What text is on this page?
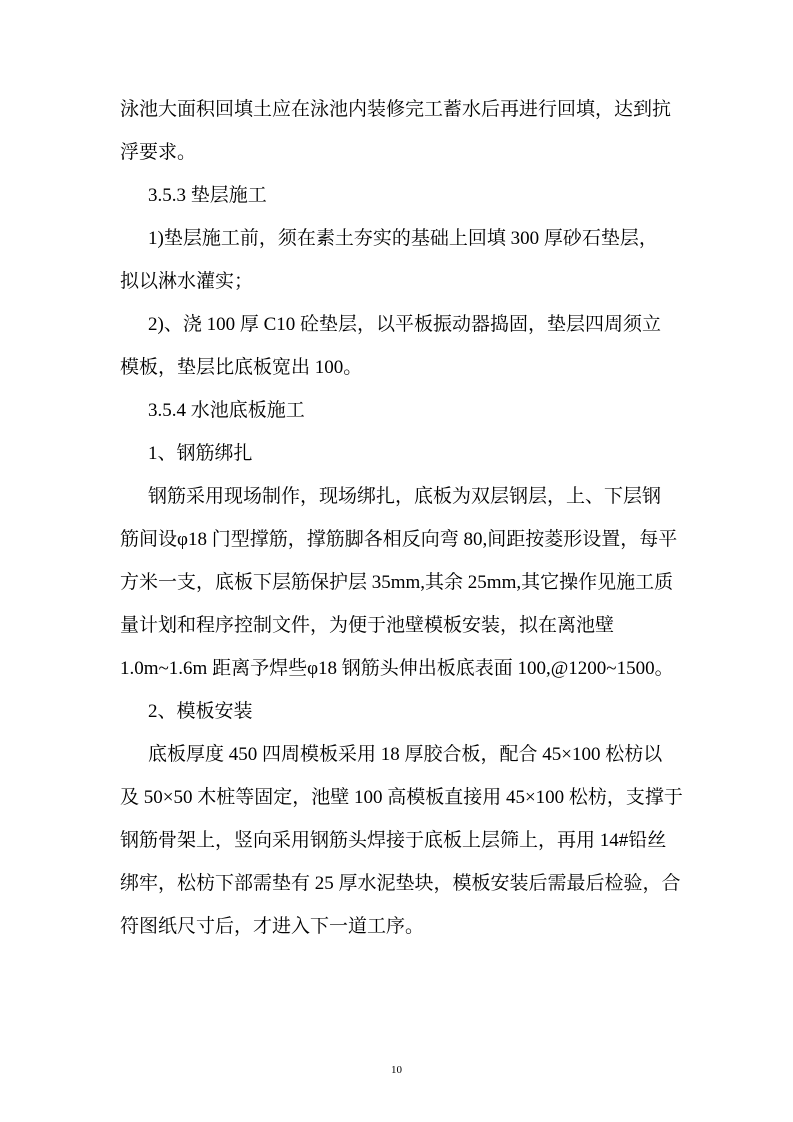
泳池大面积回填土应在泳池内装修完工蓄水后再进行回填，达到抗
浮要求。
3.5.3 垫层施工
1)垫层施工前，须在素土夯实的基础上回填 300 厚砂石垫层，
拟以淋水灌实；
2)、浇 100 厚 C10 砼垫层，以平板振动器捣固，垫层四周须立
模板，垫层比底板宽出 100。
3.5.4 水池底板施工
1、钢筋绑扎
钢筋采用现场制作，现场绑扎，底板为双层钢层，上、下层钢
筋间设φ18 门型撑筋，撑筋脚各相反向弯 80,间距按菱形设置，每平
方米一支，底板下层筋保护层 35mm,其余 25mm,其它操作见施工质
量计划和程序控制文件，为便于池壁模板安装，拟在离池壁
1.0m~1.6m 距离予焊些φ18 钢筋头伸出板底表面 100,@1200~1500。
2、模板安装
底板厚度 450 四周模板采用 18 厚胶合板，配合 45×100 松枋以
及 50×50 木桩等固定，池壁 100 高模板直接用 45×100 松枋，支撑于
钢筋骨架上，竖向采用钢筋头焊接于底板上层筛上，再用 14#铅丝
绑牢，松枋下部需垫有 25 厚水泥垫块，模板安装后需最后检验，合
符图纸尺寸后，才进入下一道工序。
10
